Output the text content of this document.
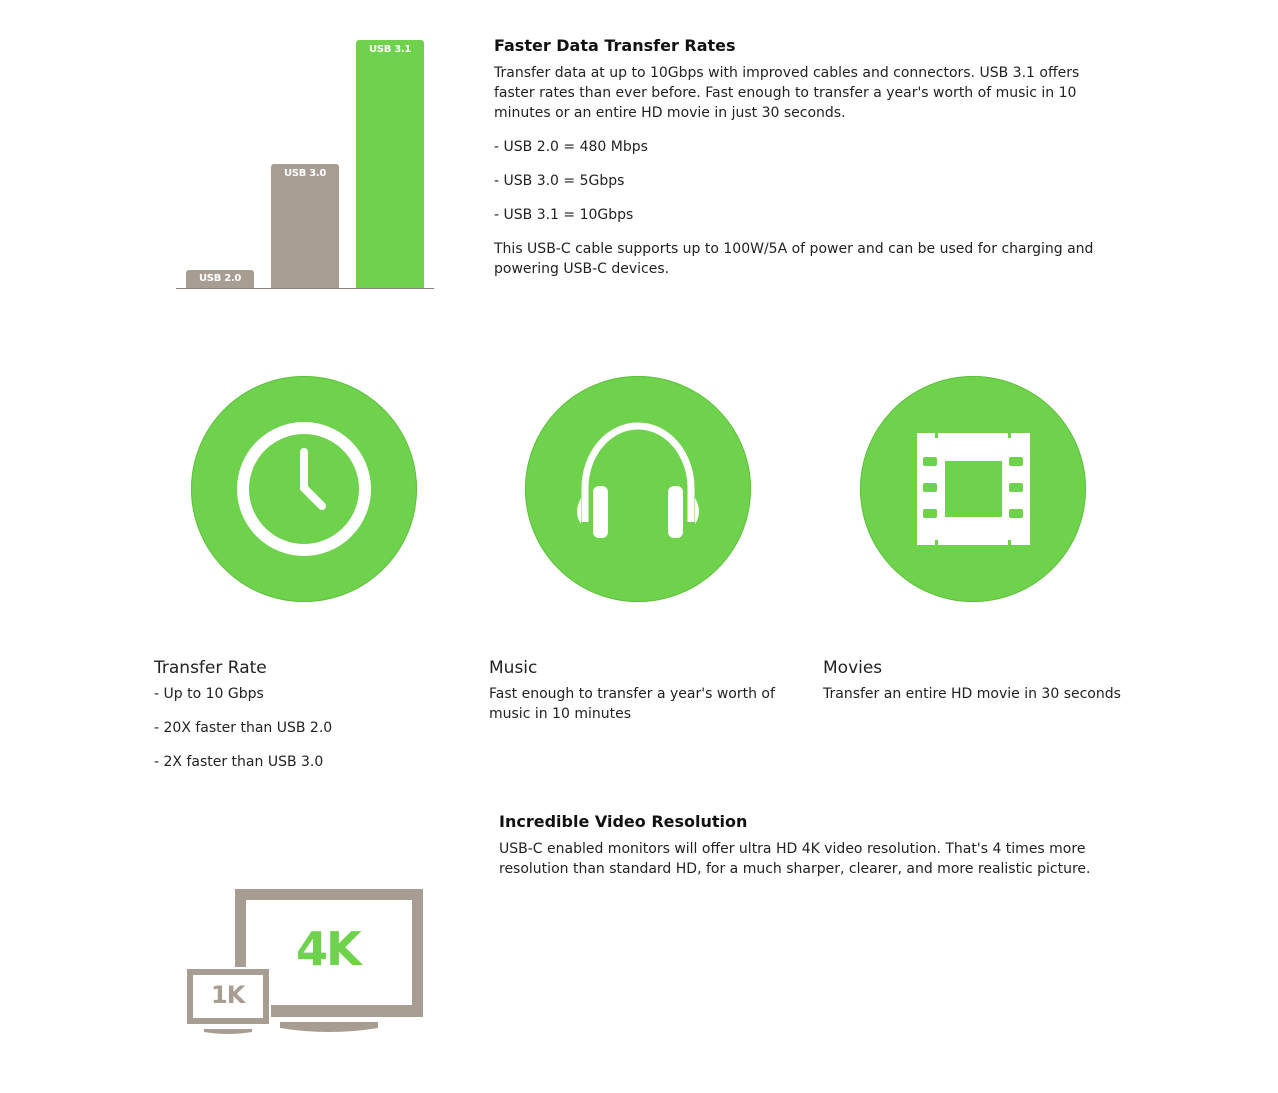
USB 2.0
USB 3.0
USB 3.1	Faster Data Transfer Rates

Transfer data at up to 10Gbps with improved cables and connectors. USB 3.1 offers faster rates than ever before. Fast enough to transfer a year's worth of music in 10 minutes or an entire HD movie in just 30 seconds.

- USB 2.0 = 480 Mbps

- USB 3.0 = 5Gbps

- USB 3.1 = 10Gbps

This USB-C cable supports up to 100W/5A of power and can be used for charging and powering USB-C devices.

Transfer Rate

- Up to 10 Gbps

- 20X faster than USB 2.0

- 2X faster than USB 3.0

Music

Fast enough to transfer a year's worth of music in 10 minutes

Movies

Transfer an entire HD movie in 30 seconds

Incredible Video Resolution

USB-C enabled monitors will offer ultra HD 4K video resolution. That's 4 times more resolution than standard HD, for a much sharper, clearer, and more realistic picture.

4K
1K
